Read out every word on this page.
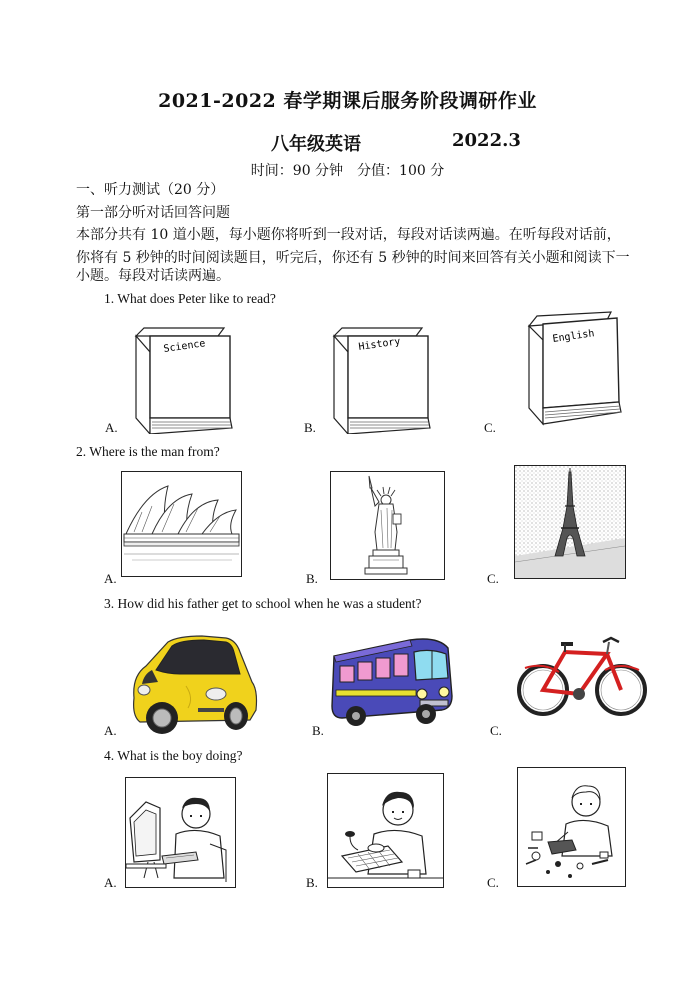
2021-2022 春学期课后服务阶段调研作业
八年级英语	2022.3
时间：90 分钟　分值：100 分
一、听力测试（20 分）
第一部分听对话回答问题
本部分共有 10 道小题，每小题你将听到一段对话，每段对话读两遍。在听每段对话前，
你将有 5 秒钟的时间阅读题目，听完后，你还有 5 秒钟的时间来回答有关小题和阅读下一
小题。每段对话读两遍。
1. What does Peter like to read?
Science
A.
History
B.
English
C.
2. Where is the man from?
A.	B.	C.
3. How did his father get to school when he was a student?
A.	B.	C.
4. What is the boy doing?
A.	B.	C.
